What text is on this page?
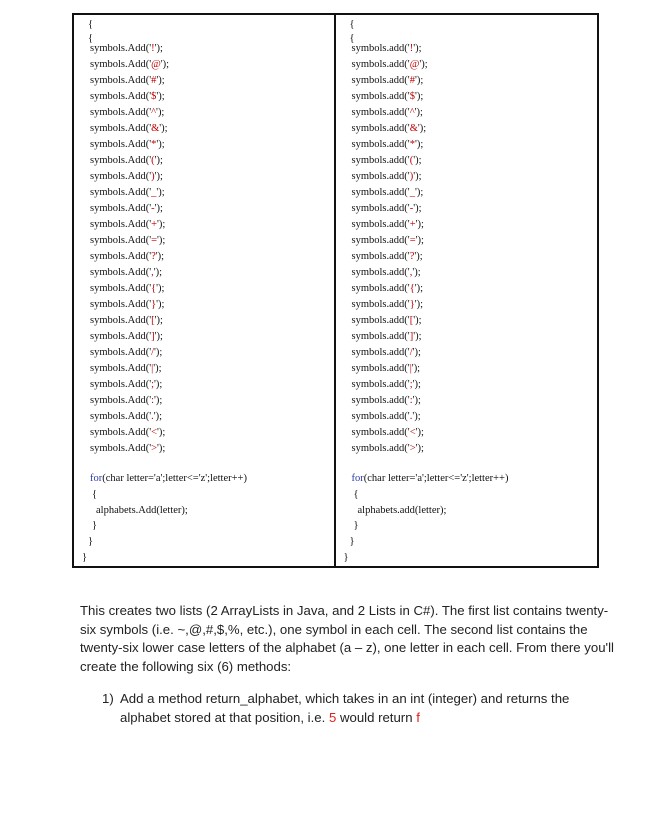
{
{
symbols.Add('!');
symbols.Add('@');
symbols.Add('#');
symbols.Add('$');
symbols.Add('^');
symbols.Add('&');
symbols.Add('*');
symbols.Add('(');
symbols.Add(')');
symbols.Add('_');
symbols.Add('-');
symbols.Add('+');
symbols.Add('=');
symbols.Add('?');
symbols.Add(',');
symbols.Add('{');
symbols.Add('}');
symbols.Add('[');
symbols.Add(']');
symbols.Add('/');
symbols.Add('|');
symbols.Add(';');
symbols.Add(':');
symbols.Add('.');
symbols.Add('<');
symbols.Add('>');
for(char letter='a';letter<='z';letter++)
{
alphabets.Add(letter);
}
}
}
{
{
symbols.add('!');
symbols.add('@');
symbols.add('#');
symbols.add('$');
symbols.add('^');
symbols.add('&');
symbols.add('*');
symbols.add('(');
symbols.add(')');
symbols.add('_');
symbols.add('-');
symbols.add('+');
symbols.add('=');
symbols.add('?');
symbols.add(',');
symbols.add('{');
symbols.add('}');
symbols.add('[');
symbols.add(']');
symbols.add('/');
symbols.add('|');
symbols.add(';');
symbols.add(':');
symbols.add('.');
symbols.add('<');
symbols.add('>');
for(char letter='a';letter<='z';letter++)
{
alphabets.add(letter);
}
}
}

This creates two lists (2 ArrayLists in Java, and 2 Lists in C#). The first list contains twenty-six symbols (i.e. ~,@,#,$,%, etc.), one symbol in each cell. The second list contains the twenty-six lower case letters of the alphabet (a – z), one letter in each cell. From there you'll create the following six (6) methods:

1) Add a method return_alphabet, which takes in an int (integer) and returns the alphabet stored at that position, i.e. 5 would return f
